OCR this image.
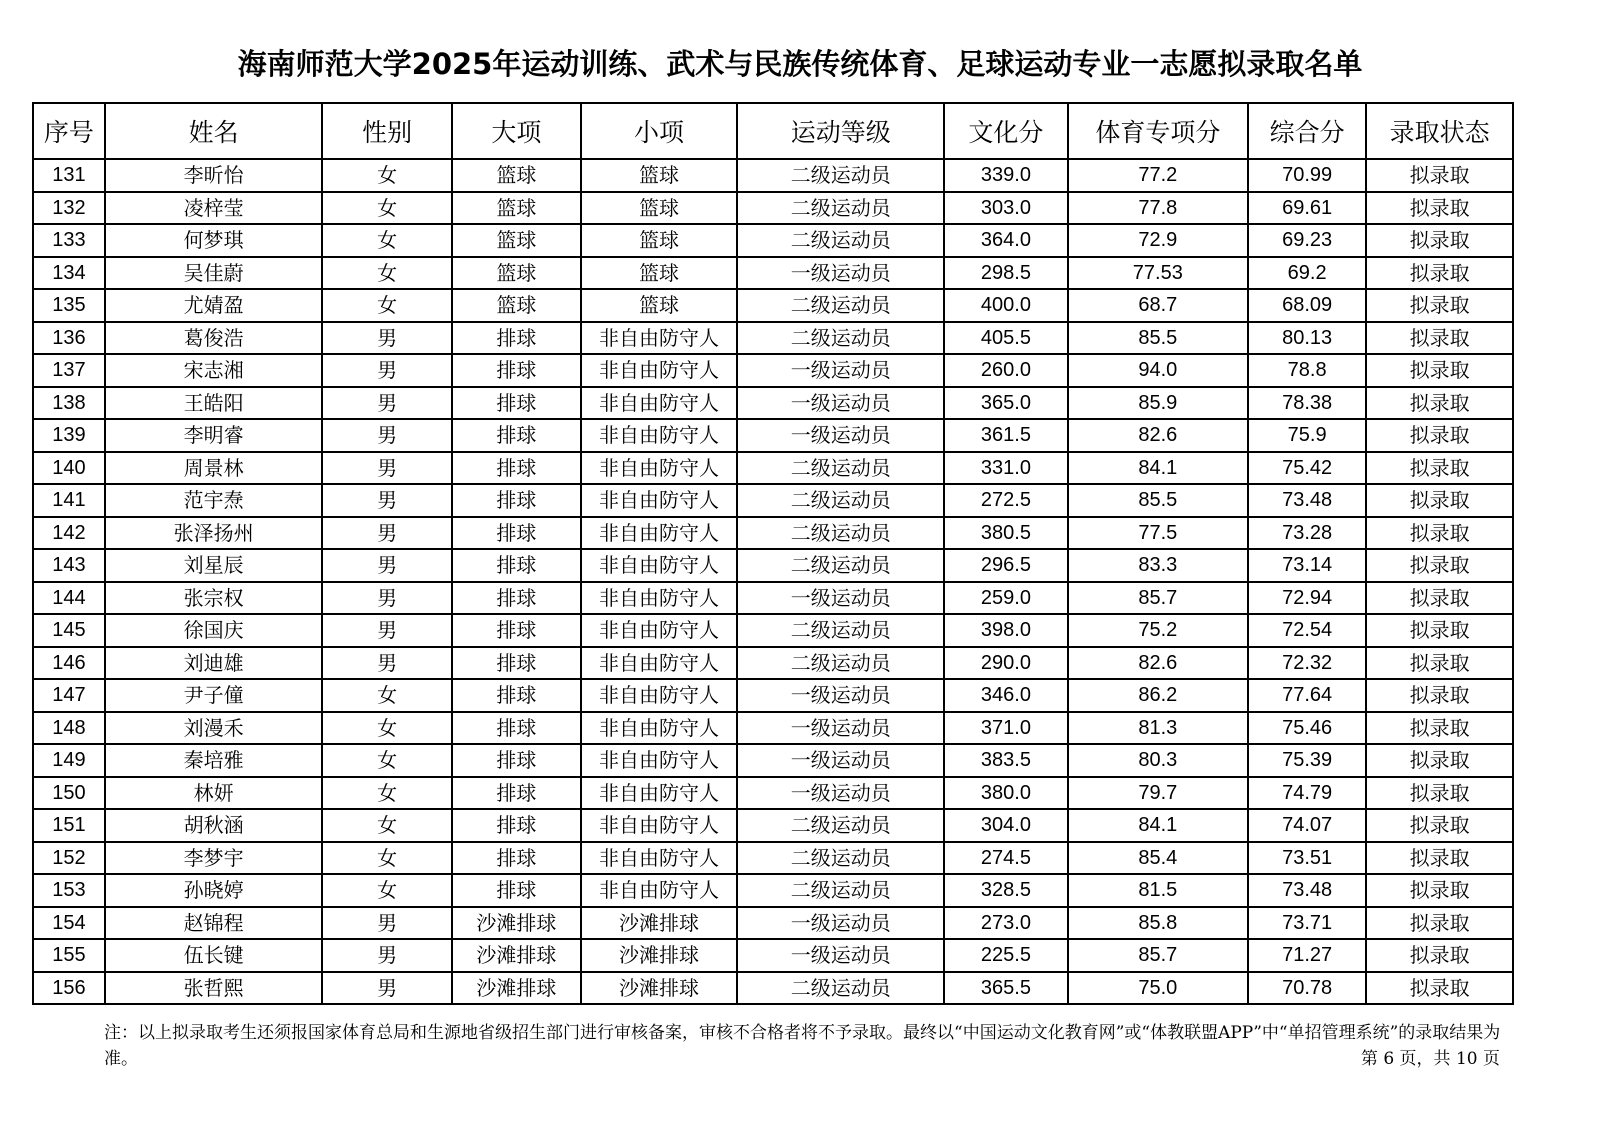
海南师范大学2025年运动训练、武术与民族传统体育、足球运动专业一志愿拟录取名单
序号	姓名	性别	大项	小项	运动等级	文化分	体育专项分	综合分	录取状态
131	李昕怡	女	篮球	篮球	二级运动员	339.0	77.2	70.99	拟录取
132	凌梓莹	女	篮球	篮球	二级运动员	303.0	77.8	69.61	拟录取
133	何梦琪	女	篮球	篮球	二级运动员	364.0	72.9	69.23	拟录取
134	吴佳蔚	女	篮球	篮球	一级运动员	298.5	77.53	69.2	拟录取
135	尤婧盈	女	篮球	篮球	二级运动员	400.0	68.7	68.09	拟录取
136	葛俊浩	男	排球	非自由防守人	二级运动员	405.5	85.5	80.13	拟录取
137	宋志湘	男	排球	非自由防守人	一级运动员	260.0	94.0	78.8	拟录取
138	王皓阳	男	排球	非自由防守人	一级运动员	365.0	85.9	78.38	拟录取
139	李明睿	男	排球	非自由防守人	一级运动员	361.5	82.6	75.9	拟录取
140	周景林	男	排球	非自由防守人	二级运动员	331.0	84.1	75.42	拟录取
141	范宇焘	男	排球	非自由防守人	二级运动员	272.5	85.5	73.48	拟录取
142	张泽扬州	男	排球	非自由防守人	二级运动员	380.5	77.5	73.28	拟录取
143	刘星辰	男	排球	非自由防守人	二级运动员	296.5	83.3	73.14	拟录取
144	张宗权	男	排球	非自由防守人	一级运动员	259.0	85.7	72.94	拟录取
145	徐国庆	男	排球	非自由防守人	二级运动员	398.0	75.2	72.54	拟录取
146	刘迪雄	男	排球	非自由防守人	二级运动员	290.0	82.6	72.32	拟录取
147	尹子僮	女	排球	非自由防守人	一级运动员	346.0	86.2	77.64	拟录取
148	刘漫禾	女	排球	非自由防守人	一级运动员	371.0	81.3	75.46	拟录取
149	秦培雅	女	排球	非自由防守人	一级运动员	383.5	80.3	75.39	拟录取
150	林妍	女	排球	非自由防守人	一级运动员	380.0	79.7	74.79	拟录取
151	胡秋涵	女	排球	非自由防守人	二级运动员	304.0	84.1	74.07	拟录取
152	李梦宇	女	排球	非自由防守人	二级运动员	274.5	85.4	73.51	拟录取
153	孙晓婷	女	排球	非自由防守人	二级运动员	328.5	81.5	73.48	拟录取
154	赵锦程	男	沙滩排球	沙滩排球	一级运动员	273.0	85.8	73.71	拟录取
155	伍长键	男	沙滩排球	沙滩排球	一级运动员	225.5	85.7	71.27	拟录取
156	张哲熙	男	沙滩排球	沙滩排球	二级运动员	365.5	75.0	70.78	拟录取
注：以上拟录取考生还须报国家体育总局和生源地省级招生部门进行审核备案，审核不合格者将不予录取。最终以“中国运动文化教育网”或“体教联盟APP”中“单招管理系统”的录取结果为准。	第 6 页，共 10 页
